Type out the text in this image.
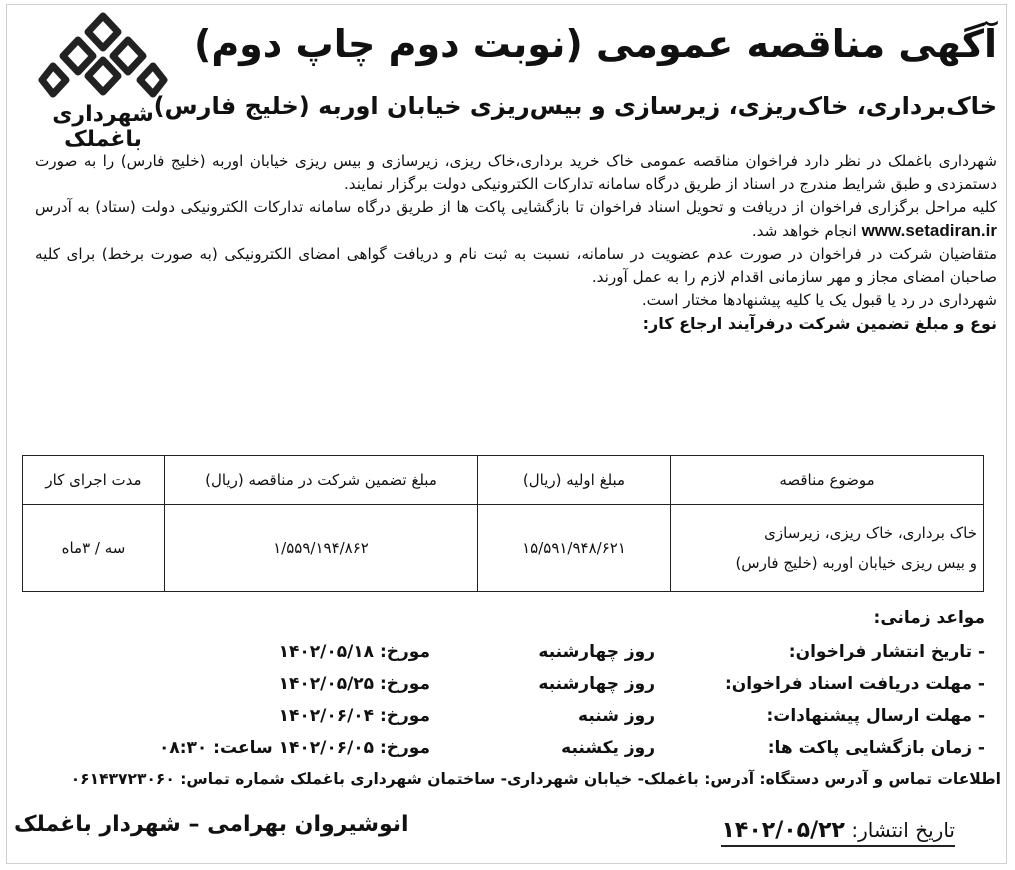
شهرداری باغملک
آگهی مناقصه عمومی (نوبت دوم چاپ دوم)
خاک‌برداری، خاک‌ریزی، زیرسازی و بیس‌ریزی خیابان اوربه (خلیج فارس)

شهرداری باغملک در نظر دارد فراخوان مناقصه عمومی خاک خرید برداری،خاک ریزی، زیرسازی و بیس ریزی خیابان اوربه (خلیج فارس) را به صورت دستمزدی و طبق شرایط مندرج در اسناد از طریق درگاه سامانه تدارکات الکترونیکی دولت برگزار نمایند.

کلیه مراحل برگزاری فراخوان از دریافت و تحویل اسناد فراخوان تا بازگشایی پاکت ها از طریق درگاه سامانه تدارکات الکترونیکی دولت (ستاد) به آدرس www.setadiran.ir انجام خواهد شد.

متقاضیان شرکت در فراخوان در صورت عدم عضویت در سامانه، نسبت به ثبت نام و دریافت گواهی امضای الکترونیکی (به صورت برخط) برای کلیه صاحبان امضای مجاز و مهر سازمانی اقدام لازم را به عمل آورند.

شهرداری در رد یا قبول یک یا کلیه پیشنهادها مختار است.

نوع و مبلغ تضمین شرکت درفرآیند ارجاع کار:

موضوع مناقصه	مبلغ اولیه (ریال)	مبلغ تضمین شرکت در مناقصه (ریال)	مدت اجرای کار

خاک برداری، خاک ریزی، زیرسازی
و بیس ریزی خیابان اوربه (خلیج فارس)	۱۵/۵۹۱/۹۴۸/۶۲۱	۱/۵۵۹/۱۹۴/۸۶۲	سه / ۳ماه
مواعد زمانی:
- تاریخ انتشار فراخوان:
روز چهارشنبه
مورخ: ۱۴۰۲/۰۵/۱۸
- مهلت دریافت اسناد فراخوان:
روز چهارشنبه
مورخ: ۱۴۰۲/۰۵/۲۵
- مهلت ارسال پیشنهادات:
روز شنبه
مورخ: ۱۴۰۲/۰۶/۰۴
- زمان بازگشایی پاکت ها:
روز یکشنبه
مورخ: ۱۴۰۲/۰۶/۰۵ ساعت: ۰۸:۳۰
اطلاعات تماس و آدرس دستگاه: آدرس: باغملک- خیابان شهرداری- ساختمان شهرداری باغملک شماره تماس: ۰۶۱۴۳۷۲۳۰۶۰
تاریخ انتشار: ۱۴۰۲/۰۵/۲۲
انوشیروان بهرامی – شهردار باغملک
